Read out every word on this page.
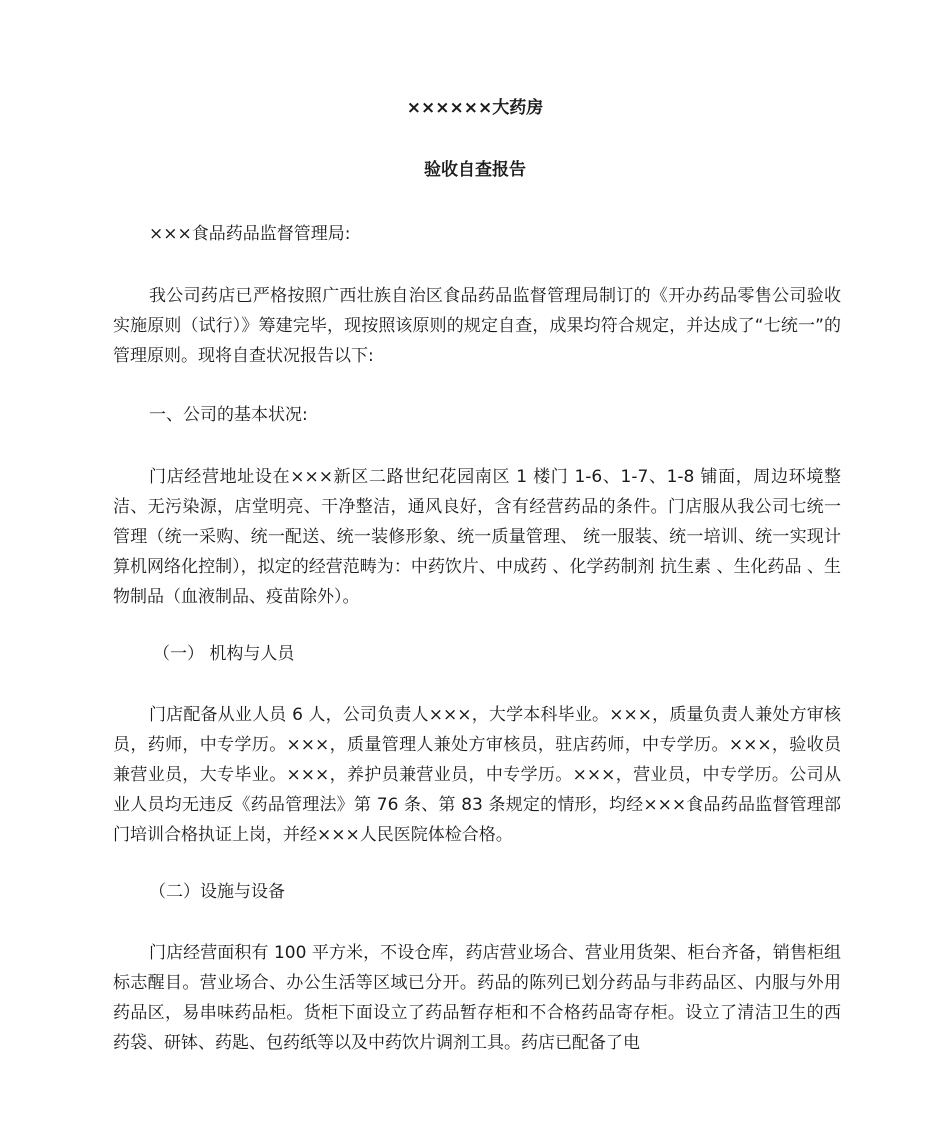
××××××大药房
验收自查报告

×××食品药品监督管理局:

我公司药店已严格按照广西壮族自治区食品药品监督管理局制订的《开办药品零售公司验收实施原则（试行）》筹建完毕，现按照该原则的规定自查，成果均符合规定，并达成了“七统一”的管理原则。现将自查状况报告以下:

一、公司的基本状况:

门店经营地址设在×××新区二路世纪花园南区 1 楼门 1-6、1-7、1-8 铺面，周边环境整洁、无污染源，店堂明亮、干净整洁，通风良好，含有经营药品的条件。门店服从我公司七统一管理（统一采购、统一配送、统一装修形象、统一质量管理、 统一服装、统一培训、统一实现计算机网络化控制），拟定的经营范畴为：中药饮片、中成药 、化学药制剂 抗生素 、生化药品 、生物制品（血液制品、疫苗除外）。

（一） 机构与人员

门店配备从业人员 6 人，公司负责人×××，大学本科毕业。×××，质量负责人兼处方审核员，药师，中专学历。×××，质量管理人兼处方审核员，驻店药师，中专学历。×××，验收员兼营业员，大专毕业。×××，养护员兼营业员，中专学历。×××，营业员，中专学历。公司从业人员均无违反《药品管理法》第 76 条、第 83 条规定的情形，均经×××食品药品监督管理部门培训合格执证上岗，并经×××人民医院体检合格。

（二）设施与设备

门店经营面积有 100 平方米，不设仓库，药店营业场合、营业用货架、柜台齐备，销售柜组标志醒目。营业场合、办公生活等区域已分开。药品的陈列已划分药品与非药品区、内服与外用药品区，易串味药品柜。货柜下面设立了药品暂存柜和不合格药品寄存柜。设立了清洁卫生的西药袋、研钵、药匙、包药纸等以及中药饮片调剂工具。药店已配备了电
